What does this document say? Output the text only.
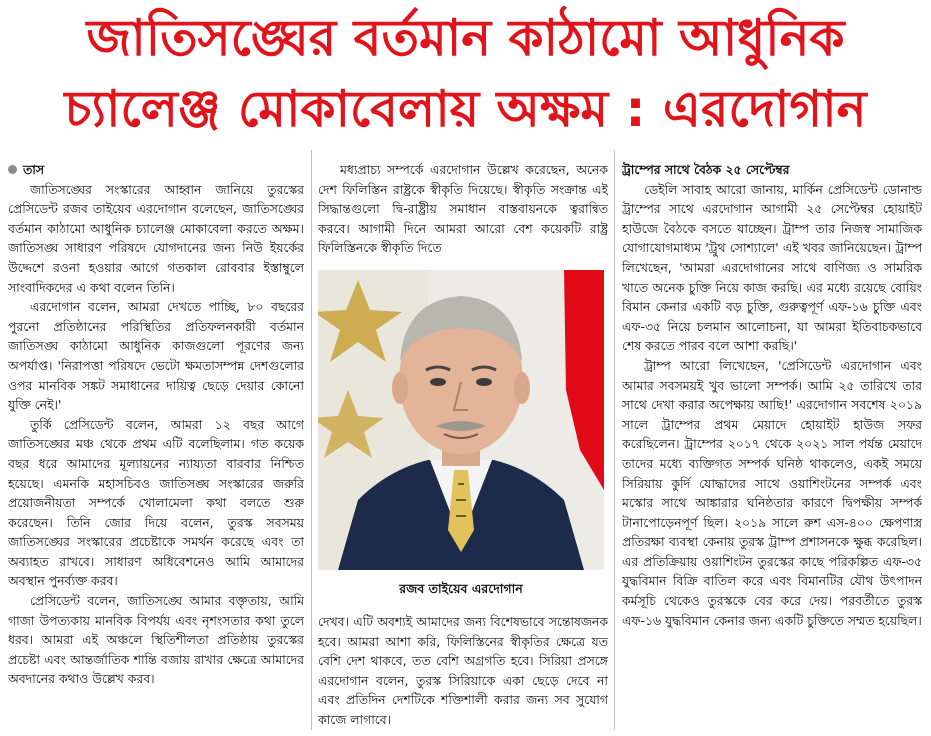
জাতিসঙ্ঘের বর্তমান কাঠামো আধুনিক
চ্যালেঞ্জ মোকাবেলায় অক্ষম : এরদোগান

তাস

জাতিসঙ্ঘের সংস্কারের আহ্বান জানিয়ে তুরস্কের প্রেসিডেন্ট রজব তাইয়েব এরদোগান বলেছেন, জাতিসঙ্ঘের বর্তমান কাঠামো আধুনিক চ্যালেঞ্জ মোকাবেলা করতে অক্ষম। জাতিসঙ্ঘ সাধারণ পরিষদে যোগদানের জন্য নিউ ইয়র্কের উদ্দেশে রওনা হওয়ার আগে গতকাল রোববার ইস্তাম্বুলে সাংবাদিকদের এ কথা বলেন তিনি।

এরদোগান বলেন, আমরা দেখতে পাচ্ছি, ৮০ বছরের পুরনো প্রতিষ্ঠানের পরিস্থিতির প্রতিফলনকারী বর্তমান জাতিসঙ্ঘ কাঠামো আধুনিক কাজগুলো পূরণের জন্য অপর্যাপ্ত। 'নিরাপত্তা পরিষদে ভেটো ক্ষমতাসম্পন্ন দেশগুলোর ওপর মানবিক সঙ্কট সমাধানের দায়িত্ব ছেড়ে দেয়ার কোনো যুক্তি নেই।'

তুর্কি প্রেসিডেন্ট বলেন, আমরা ১২ বছর আগে জাতিসঙ্ঘের মঞ্চ থেকে প্রথম এটি বলেছিলাম। গত কয়েক বছর ধরে আমাদের মূল্যায়নের ন্যায্যতা বারবার নিশ্চিত হয়েছে। এমনকি মহাসচিবও জাতিসঙ্ঘ সংস্কারের জরুরি প্রয়োজনীয়তা সম্পর্কে খোলামেলা কথা বলতে শুরু করেছেন। তিনি জোর দিয়ে বলেন, তুরস্ক সবসময় জাতিসঙ্ঘের সংস্কারের প্রচেষ্টাকে সমর্থন করেছে এবং তা অব্যাহত রাখবে। সাধারণ অধিবেশনেও আমি আমাদের অবস্থান পুনর্ব্যক্ত করব।

প্রেসিডেন্ট বলেন, জাতিসঙ্ঘে আমার বক্তৃতায়, আমি গাজা উপত্যকায় মানবিক বিপর্যয় এবং নৃশংসতার কথা তুলে ধরব। আমরা এই অঞ্চলে স্থিতিশীলতা প্রতিষ্ঠায় তুরস্কের প্রচেষ্টা এবং আন্তর্জাতিক শান্তি বজায় রাখার ক্ষেত্রে আমাদের অবদানের কথাও উল্লেখ করব।

মধ্যপ্রাচ্য সম্পর্কে এরদোগান উল্লেখ করেছেন, অনেক দেশ ফিলিস্তিন রাষ্ট্রকে স্বীকৃতি দিয়েছে। স্বীকৃতি সংক্রান্ত এই সিদ্ধান্তগুলো দ্বি-রাষ্ট্রীয় সমাধান বাস্তবায়নকে ত্বরান্বিত করবে। আগামী দিনে আমরা আরো বেশ কয়েকটি রাষ্ট্র ফিলিস্তিনকে স্বীকৃতি দিতে

রজব তাইয়েব এরদোগান

দেখব। এটি অবশ্যই আমাদের জন্য বিশেষভাবে সন্তোষজনক হবে। আমরা আশা করি, ফিলিস্তিনের স্বীকৃতির ক্ষেত্রে যত বেশি দেশ থাকবে, তত বেশি অগ্রগতি হবে। সিরিয়া প্রসঙ্গে এরদোগান বলেন, তুরস্ক সিরিয়াকে একা ছেড়ে দেবে না এবং প্রতিদিন দেশটিকে শক্তিশালী করার জন্য সব সুযোগ কাজে লাগাবে।

ট্রাম্পের সাথে বৈঠক ২৫ সেপ্টেম্বর

ডেইলি সাবাহ আরো জানায়, মার্কিন প্রেসিডেন্ট ডোনাল্ড ট্রাম্পের সাথে এরদোগান আগামী ২৫ সেপ্টেম্বর হোয়াইট হাউজে বৈঠকে বসতে যাচ্ছেন। ট্রাম্প তার নিজস্ব সামাজিক যোগাযোগমাধ্যম 'ট্রুথ সোশ্যালে' এই খবর জানিয়েছেন। ট্রাম্প লিখেছেন, 'আমরা এরদোগানের সাথে বাণিজ্য ও সামরিক খাতে অনেক চুক্তি নিয়ে কাজ করছি। এর মধ্যে রয়েছে বোয়িং বিমান কেনার একটি বড় চুক্তি, গুরুত্বপূর্ণ এফ-১৬ চুক্তি এবং এফ-৩৫ নিয়ে চলমান আলোচনা, যা আমরা ইতিবাচকভাবে শেষ করতে পারব বলে আশা করছি।'

ট্রাম্প আরো লিখেছেন, 'প্রেসিডেন্ট এরদোগান এবং আমার সবসময়ই খুব ভালো সম্পর্ক। আমি ২৫ তারিখে তার সাথে দেখা করার অপেক্ষায় আছি!' এরদোগান সবশেষ ২০১৯ সালে ট্রাম্পের প্রথম মেয়াদে হোয়াইট হাউজ সফর করেছিলেন। ট্রাম্পের ২০১৭ থেকে ২০২১ সাল পর্যন্ত মেয়াদে তাদের মধ্যে ব্যক্তিগত সম্পর্ক ঘনিষ্ঠ থাকলেও, একই সময়ে সিরিয়ায় কুর্দি যোদ্ধাদের সাথে ওয়াশিংটনের সম্পর্ক এবং মস্কোর সাথে আঙ্কারার ঘনিষ্ঠতার কারণে দ্বিপক্ষীয় সম্পর্ক টানাপোড়েনপূর্ণ ছিল। ২০১৯ সালে রুশ এস-৪০০ ক্ষেপণাস্ত্র প্রতিরক্ষা ব্যবস্থা কেনায় তুরস্ক ট্রাম্প প্রশাসনকে ক্ষুব্ধ করেছিল। এর প্রতিক্রিয়ায় ওয়াশিংটন তুরস্কের কাছে পরিকল্পিত এফ-৩৫ যুদ্ধবিমান বিক্রি বাতিল করে এবং বিমানটির যৌথ উৎপাদন কর্মসূচি থেকেও তুরস্ককে বের করে দেয়। পরবর্তীতে তুরস্ক এফ-১৬ যুদ্ধবিমান কেনার জন্য একটি চুক্তিতে সম্মত হয়েছিল।
